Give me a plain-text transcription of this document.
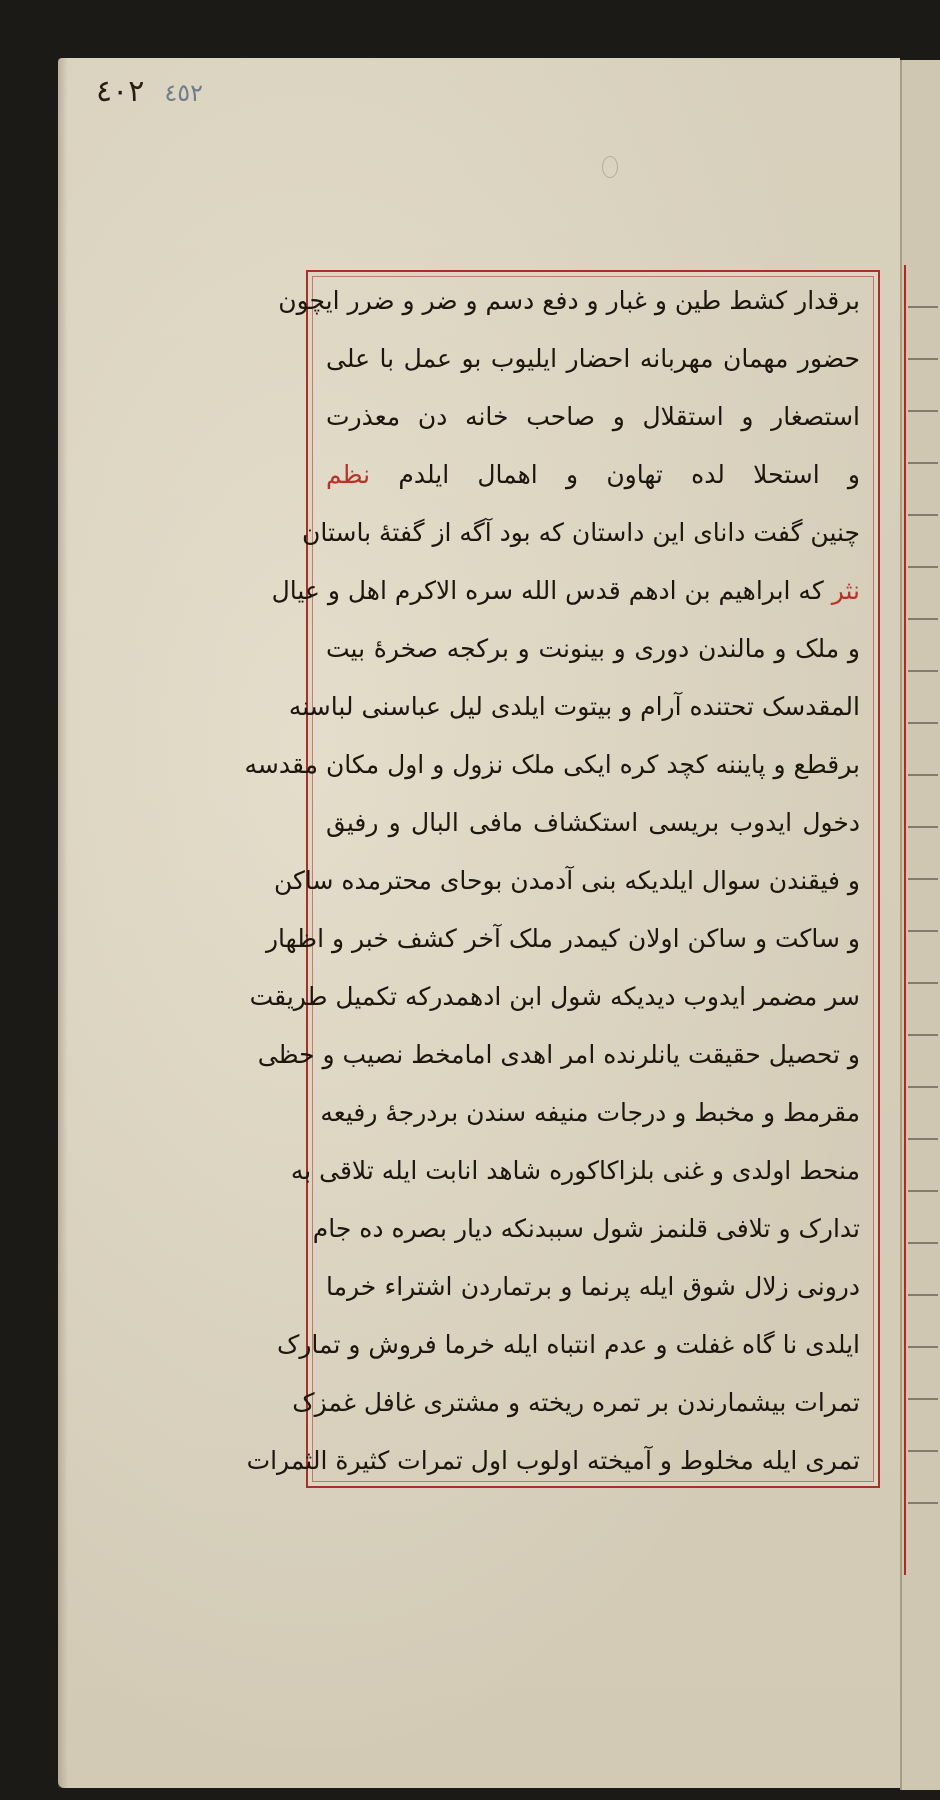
٤٠٢ ٤٥٢
برقدار کشط طین و غبار و دفع دسم و ضر و ضرر ایچون
حضور مهمان مهربانه احضار ایلیوب بو عمل با علی
استصغار و استقلال و صاحب خانه دن معذرت
و استحلا لده تهاون و اهمال ایلدم نظم
چنین گفت دانای این داستان که بود آگه از گفتهٔ باستان
نثر که ابراهیم بن ادهم قدس الله سره الاکرم اهل و عیال
و ملک و مالندن دوری و بینونت و برکجه صخرهٔ بیت
المقدسک تحتنده آرام و بیتوت ایلدی لیل عباسنی لباسنه
برقطع و پایننه کچد کره ایکی ملک نزول و اول مکان مقدسه
دخول ایدوب بریسی استکشاف مافی البال و رفیق
و فیقندن سوال ایلدیکه بنی آدمدن بوحای محترمده ساکن
و ساکت و ساکن اولان کیمدر ملک آخر کشف خبر و اظهار
سر مضمر ایدوب دیدیکه شول ابن ادهمدرکه تکمیل طریقت
و تحصیل حقیقت یانلرنده امر اهدی امامخط نصیب و حظی
مقرمط و مخبط و درجات منیفه سندن بردرجهٔ رفیعه
منحط اولدی و غنی بلزاکاکوره شاهد انابت ایله تلاقی به
تدارک و تلافی قلنمز شول سببدنکه دیار بصره ده جام
درونی زلال شوق ایله پرنما و برتماردن اشتراء خرما
ایلدی نا گاه غفلت و عدم انتباه ایله خرما فروش و تمارک
تمرات بیشمارندن بر تمره ریخته و مشتری غافل غمزک
تمری ایله مخلوط و آمیخته اولوب اول تمرات کثیرة الثمرات
